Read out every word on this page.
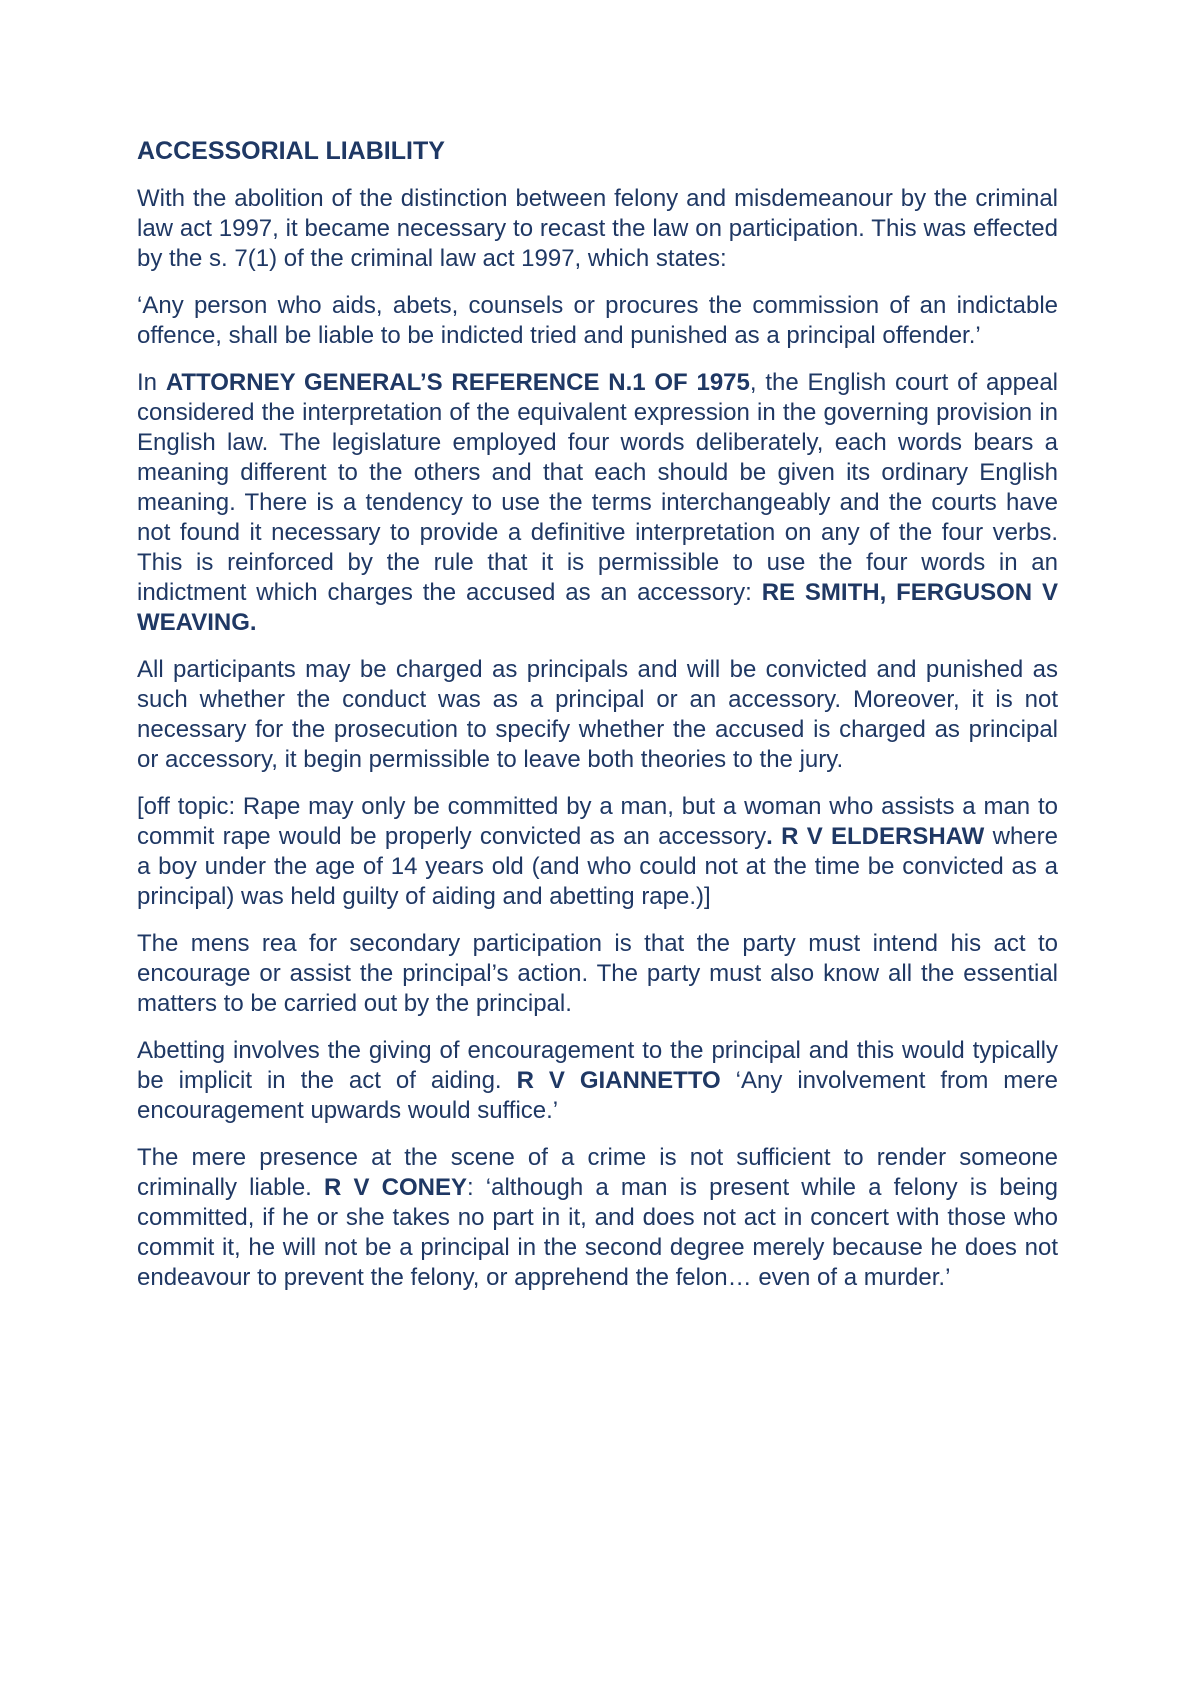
ACCESSORIAL LIABILITY

With the abolition of the distinction between felony and misdemeanour by the criminal law act 1997, it became necessary to recast the law on participation. This was effected by the s. 7(1) of the criminal law act 1997, which states:

‘Any person who aids, abets, counsels or procures the commission of an indictable offence, shall be liable to be indicted tried and punished as a principal offender.’

In ATTORNEY GENERAL’S REFERENCE N.1 OF 1975, the English court of appeal considered the interpretation of the equivalent expression in the governing provision in English law. The legislature employed four words deliberately, each words bears a meaning different to the others and that each should be given its ordinary English meaning. There is a tendency to use the terms interchangeably and the courts have not found it necessary to provide a definitive interpretation on any of the four verbs. This is reinforced by the rule that it is permissible to use the four words in an indictment which charges the accused as an accessory: RE SMITH, FERGUSON V WEAVING.

All participants may be charged as principals and will be convicted and punished as such whether the conduct was as a principal or an accessory. Moreover, it is not necessary for the prosecution to specify whether the accused is charged as principal or accessory, it begin permissible to leave both theories to the jury.

[off topic: Rape may only be committed by a man, but a woman who assists a man to commit rape would be properly convicted as an accessory. R V ELDERSHAW where a boy under the age of 14 years old (and who could not at the time be convicted as a principal) was held guilty of aiding and abetting rape.)]

The mens rea for secondary participation is that the party must intend his act to encourage or assist the principal’s action. The party must also know all the essential matters to be carried out by the principal.

Abetting involves the giving of encouragement to the principal and this would typically be implicit in the act of aiding. R V GIANNETTO ‘Any involvement from mere encouragement upwards would suffice.’

The mere presence at the scene of a crime is not sufficient to render someone criminally liable. R V CONEY: ‘although a man is present while a felony is being committed, if he or she takes no part in it, and does not act in concert with those who commit it, he will not be a principal in the second degree merely because he does not endeavour to prevent the felony, or apprehend the felon… even of a murder.’
